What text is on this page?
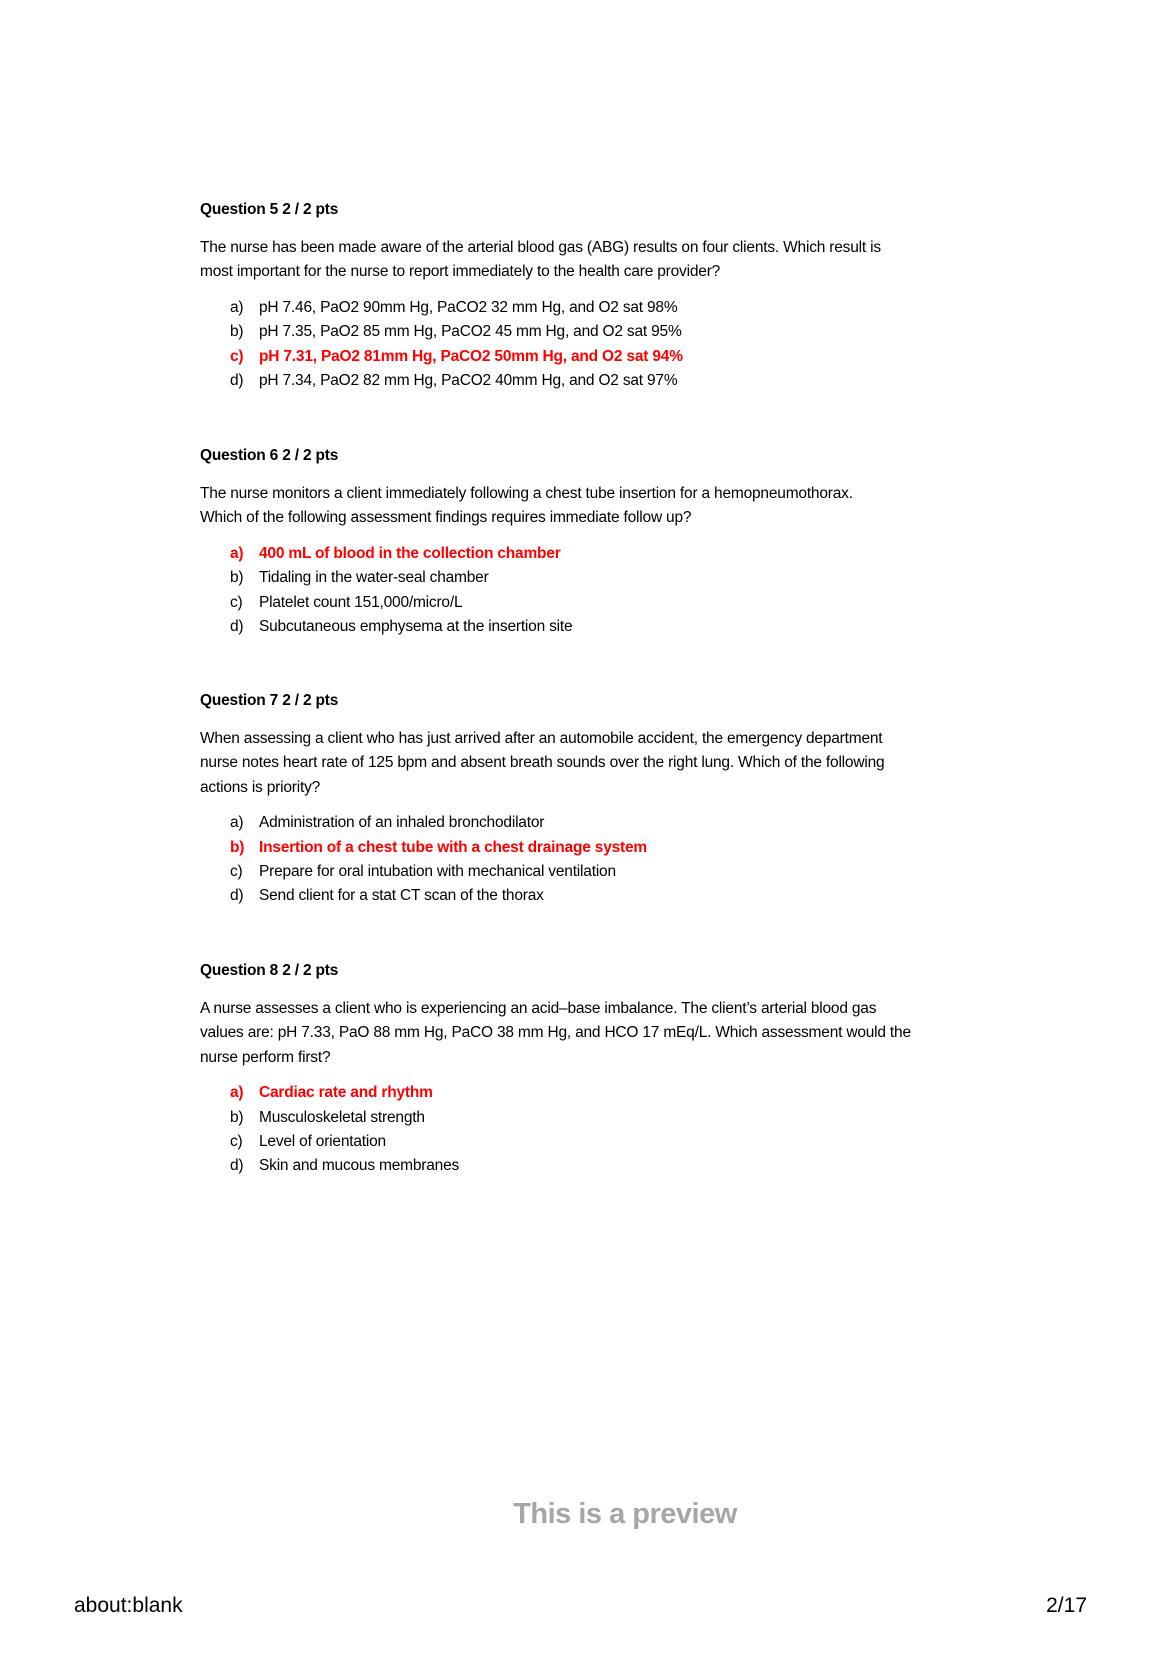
Question 5 2 / 2 pts
The nurse has been made aware of the arterial blood gas (ABG) results on four clients. Which result is
most important for the nurse to report immediately to the health care provider?
a)	pH 7.46, PaO2 90mm Hg, PaCO2 32 mm Hg, and O2 sat 98%
b)	pH 7.35, PaO2 85 mm Hg, PaCO2 45 mm Hg, and O2 sat 95%
c)	pH 7.31, PaO2 81mm Hg, PaCO2 50mm Hg, and O2 sat 94%
d)	pH 7.34, PaO2 82 mm Hg, PaCO2 40mm Hg, and O2 sat 97%
Question 6 2 / 2 pts
The nurse monitors a client immediately following a chest tube insertion for a hemopneumothorax.
Which of the following assessment findings requires immediate follow up?
a)	400 mL of blood in the collection chamber
b)	Tidaling in the water-seal chamber
c)	Platelet count 151,000/micro/L
d)	Subcutaneous emphysema at the insertion site
Question 7 2 / 2 pts
When assessing a client who has just arrived after an automobile accident, the emergency department
nurse notes heart rate of 125 bpm and absent breath sounds over the right lung. Which of the following
actions is priority?
a)	Administration of an inhaled bronchodilator
b) Insertion of a chest tube with a chest drainage system
c)	Prepare for oral intubation with mechanical ventilation
d)	Send client for a stat CT scan of the thorax
Question 8 2 / 2 pts
A nurse assesses a client who is experiencing an acid–base imbalance. The client’s arterial blood gas
values are: pH 7.33, PaO 88 mm Hg, PaCO 38 mm Hg, and HCO 17 mEq/L. Which assessment would the
nurse perform first?
a)	Cardiac rate and rhythm
b)	Musculoskeletal strength
c)	Level of orientation
d)	Skin and mucous membranes
This is a preview
about:blank	2/17
